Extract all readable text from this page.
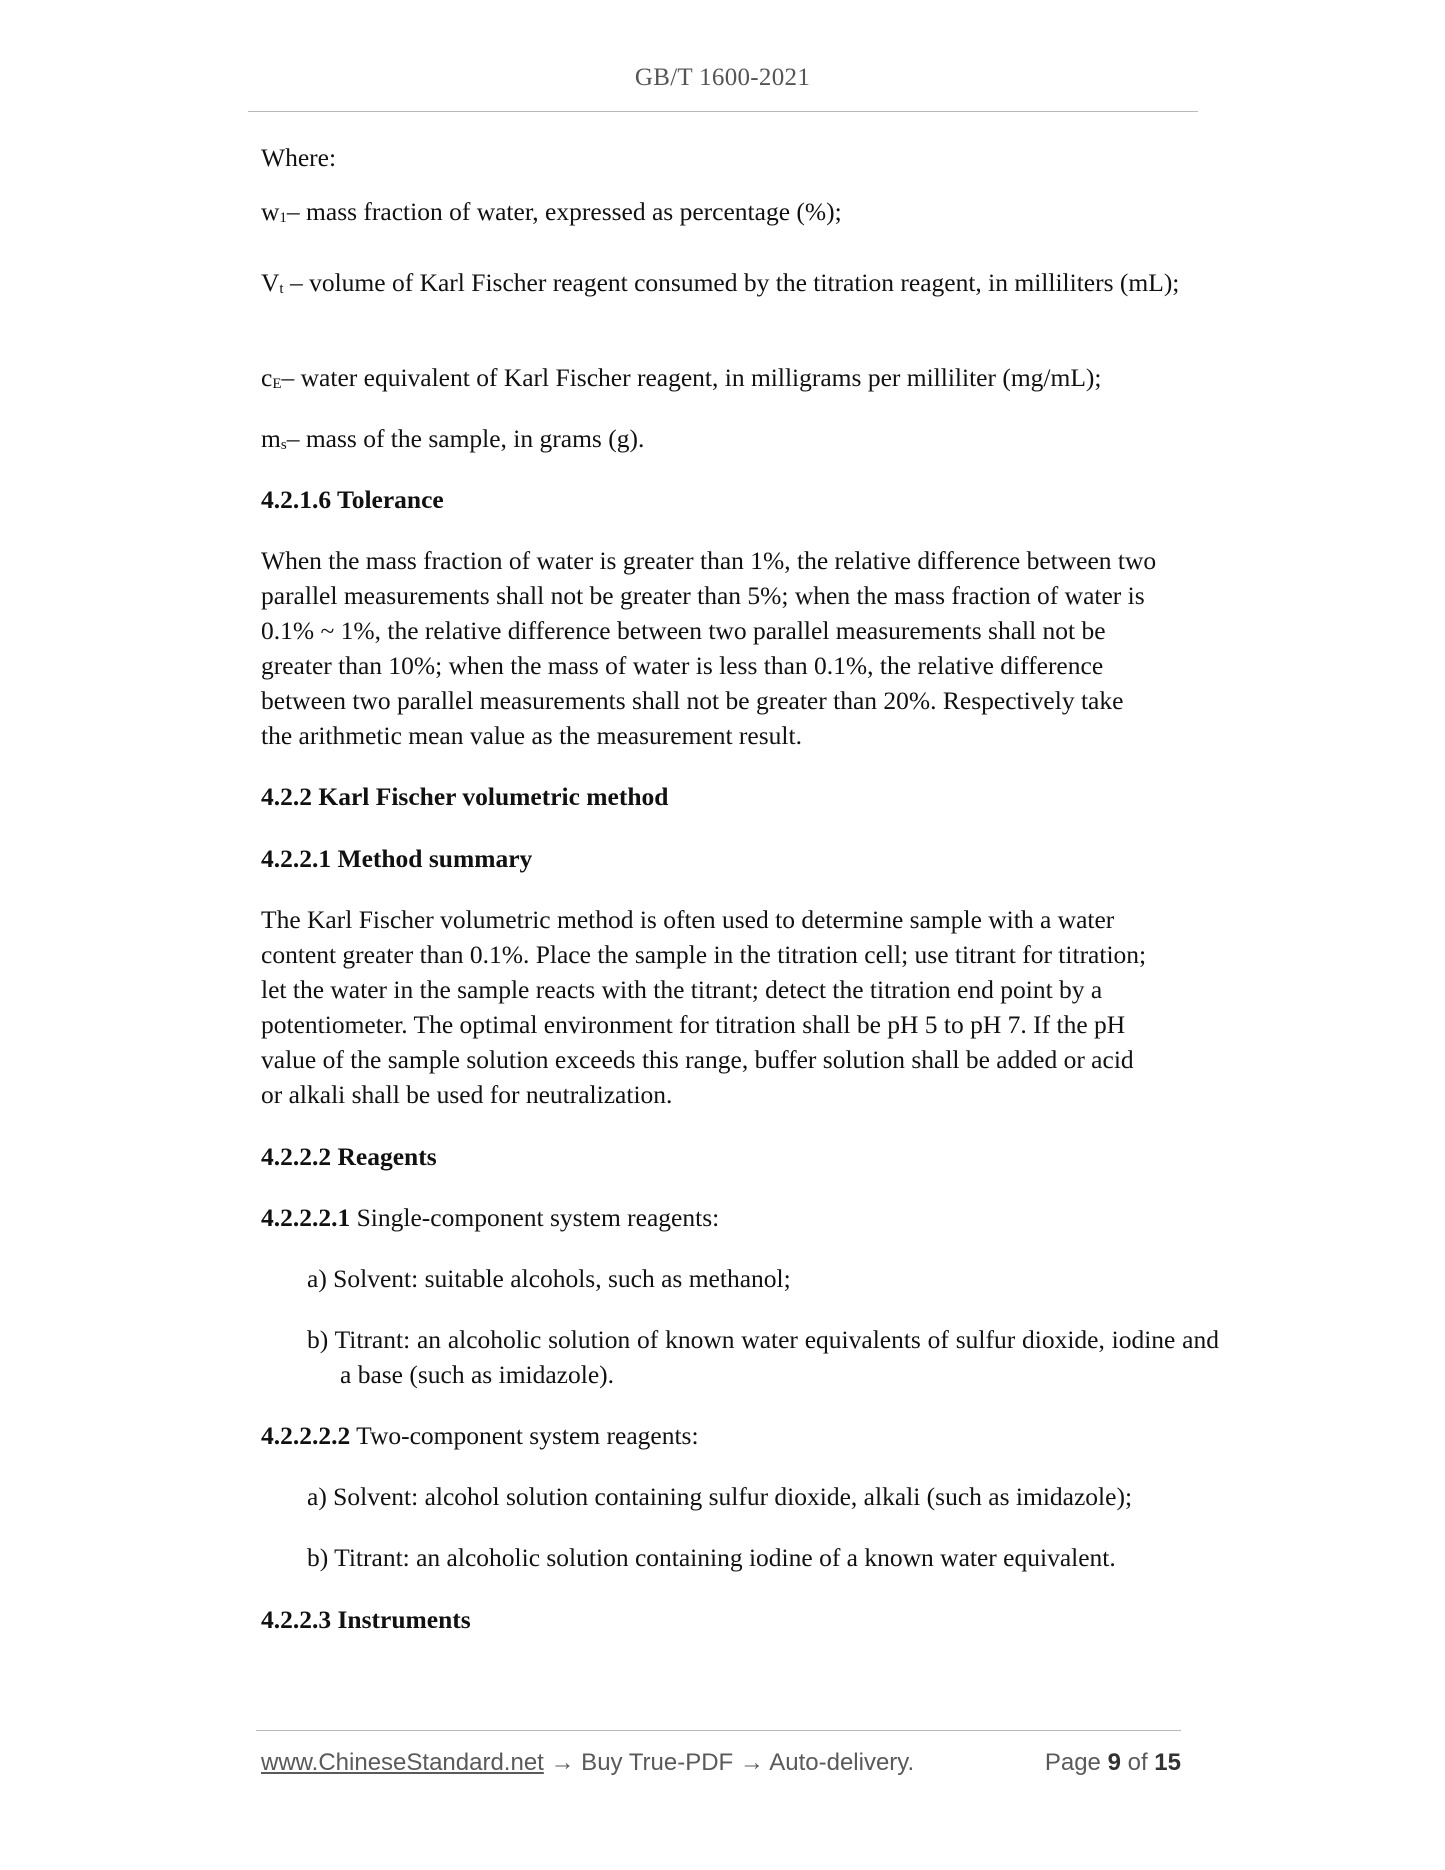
GB/T 1600-2021
Where:
w1 – mass fraction of water, expressed as percentage (%);
Vt – volume of Karl Fischer reagent consumed by the titration reagent, in milliliters (mL);
cE – water equivalent of Karl Fischer reagent, in milligrams per milliliter (mg/mL);
ms – mass of the sample, in grams (g).
4.2.1.6 Tolerance
When the mass fraction of water is greater than 1%, the relative difference between two
parallel measurements shall not be greater than 5%; when the mass fraction of water is
0.1% ~ 1%, the relative difference between two parallel measurements shall not be
greater than 10%; when the mass of water is less than 0.1%, the relative difference
between two parallel measurements shall not be greater than 20%. Respectively take
the arithmetic mean value as the measurement result.
4.2.2 Karl Fischer volumetric method
4.2.2.1 Method summary
The Karl Fischer volumetric method is often used to determine sample with a water
content greater than 0.1%. Place the sample in the titration cell; use titrant for titration;
let the water in the sample reacts with the titrant; detect the titration end point by a
potentiometer. The optimal environment for titration shall be pH 5 to pH 7. If the pH
value of the sample solution exceeds this range, buffer solution shall be added or acid
or alkali shall be used for neutralization.
4.2.2.2 Reagents
4.2.2.2.1 Single-component system reagents:
a) Solvent: suitable alcohols, such as methanol;
b) Titrant: an alcoholic solution of known water equivalents of sulfur dioxide, iodine and a base (such as imidazole).
4.2.2.2.2 Two-component system reagents:
a) Solvent: alcohol solution containing sulfur dioxide, alkali (such as imidazole);
b) Titrant: an alcoholic solution containing iodine of a known water equivalent.
4.2.2.3 Instruments
www.ChineseStandard.net → Buy True-PDF → Auto-delivery.	Page 9 of 15
